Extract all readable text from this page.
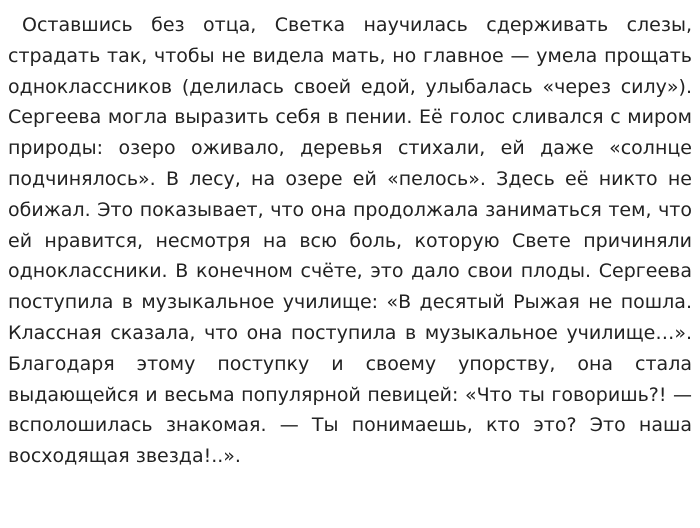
Оставшись без отца, Светка научилась сдерживать слезы, страдать так, чтобы не видела мать, но главное — умела прощать одноклассников (делилась своей едой, улыбалась «через силу»). Сергеева могла выразить себя в пении. Её голос сливался с миром природы: озеро оживало, деревья стихали, ей даже «солнце подчинялось». В лесу, на озере ей «пелось». Здесь её никто не обижал. Это показывает, что она продолжала заниматься тем, что ей нравится, несмотря на всю боль, которую Свете причиняли одноклассники. В конечном счёте, это дало свои плоды. Сергеева поступила в музыкальное училище: «В десятый Рыжая не пошла. Классная сказала, что она поступила в музыкальное училище…». Благодаря этому поступку и своему упорству, она стала выдающейся и весьма популярной певицей: «Что ты говоришь?! — всполошилась знакомая. — Ты понимаешь, кто это? Это наша восходящая звезда!..».
